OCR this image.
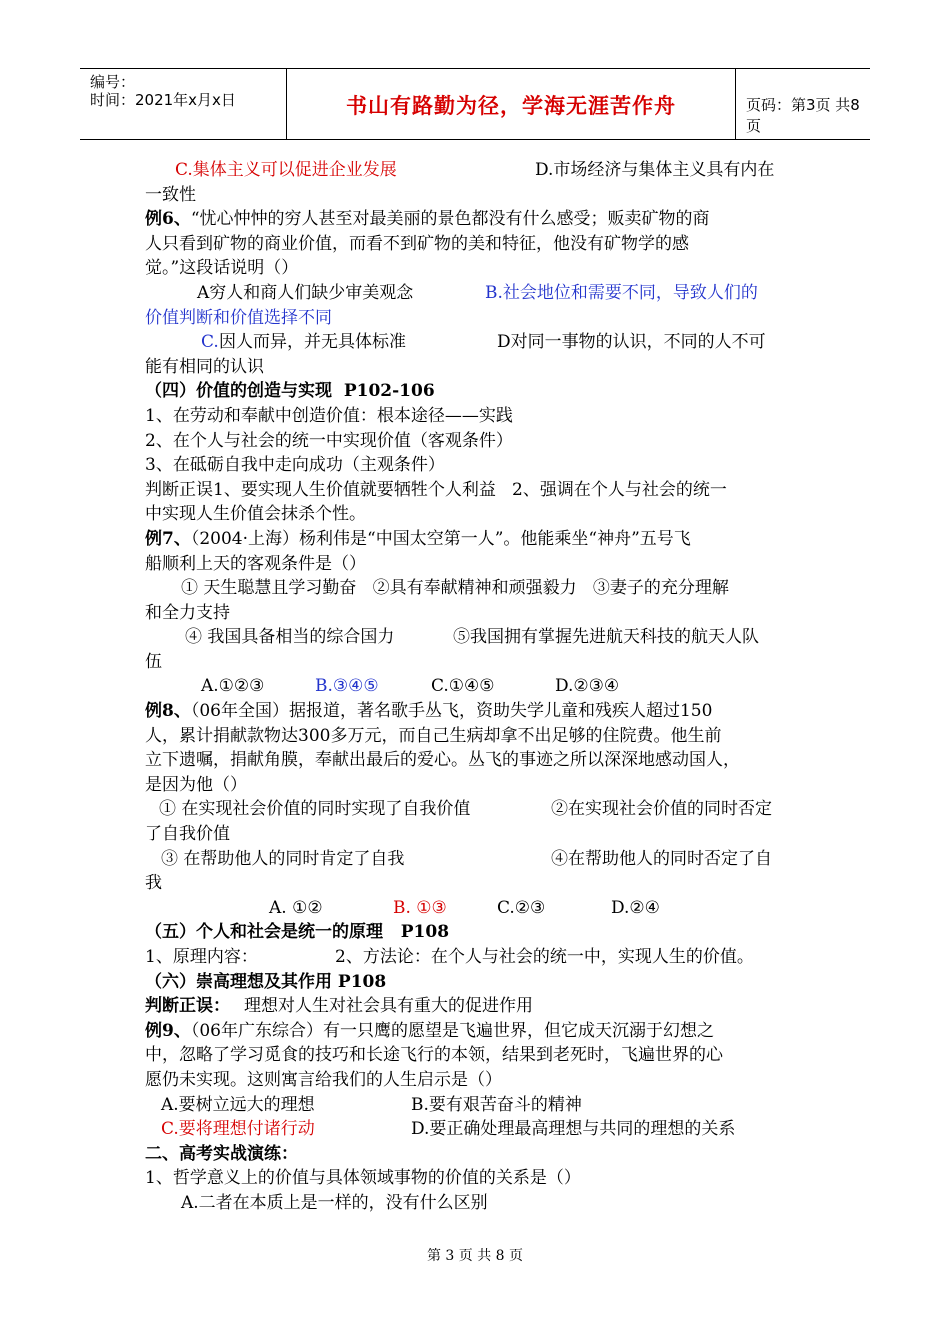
编号：
时间：2021年x月x日	书山有路勤为径，学海无涯苦作舟	页码：第3页 共8页

C.集体主义可以促进企业发展

	D.市场经济与集体主义具有内在

一致性
例6、“忧心忡忡的穷人甚至对最美丽的景色都没有什么感受；贩卖矿物的商
人只看到矿物的商业价值，而看不到矿物的美和特征，他没有矿物学的感
觉。”这段话说明（）

A穷人和商人们缺少审美观念

	B.社会地位和需要不同，导致人们的

价值判断和价值选择不同

C.

因人而异，并无具体标准

	D对同一事物的认识，不同的人不可

能有相同的认识
（四）价值的创造与实现  P102-106
1、在劳动和奉献中创造价值：根本途径——实践
2、在个人与社会的统一中实现价值（客观条件）
3、在砥砺自我中走向成功（主观条件）
判断正误1、要实现人生价值就要牺牲个人利益   2、强调在个人与社会的统一
中实现人生价值会抹杀个性。
例7、（2004·上海）杨利伟是“中国太空第一人”。他能乘坐“神舟”五号飞
船顺利上天的客观条件是（）
① 天生聪慧且学习勤奋   ②具有奉献精神和顽强毅力   ③妻子的充分理解
和全力支持

④ 我国具备相当的综合国力

	⑤我国拥有掌握先进航天科技的航天人队

伍

A.①②③

	B.③④⑤

	C.①④⑤

	D.②③④

例8、（06年全国）据报道，著名歌手丛飞，资助失学儿童和残疾人超过150
人，累计捐献款物达300多万元，而自己生病却拿不出足够的住院费。他生前
立下遗嘱，捐献角膜，奉献出最后的爱心。丛飞的事迹之所以深深地感动国人，
是因为他（）

① 在实现社会价值的同时实现了自我价值

	②在实现社会价值的同时否定

了自我价值

③ 在帮助他人的同时肯定了自我

	④在帮助他人的同时否定了自

我

A. ①②

	B. ①③

	C.②③

	D.②④

（五）个人和社会是统一的原理   P108

1、原理内容：

	2、方法论：在个人与社会的统一中，实现人生的价值。

（六）崇高理想及其作用 P108
判断正误： 理想对人生对社会具有重大的促进作用
例9、（06年广东综合）有一只鹰的愿望是飞遍世界，但它成天沉溺于幻想之
中，忽略了学习觅食的技巧和长途飞行的本领，结果到老死时，飞遍世界的心
愿仍未实现。这则寓言给我们的人生启示是（）

A.要树立远大的理想

	B.要有艰苦奋斗的精神

C.要将理想付诸行动

	D.要正确处理最高理想与共同的理想的关系

二、高考实战演练：
1、哲学意义上的价值与具体领域事物的价值的关系是（）
A.二者在本质上是一样的，没有什么区别
第 3 页 共 8 页
